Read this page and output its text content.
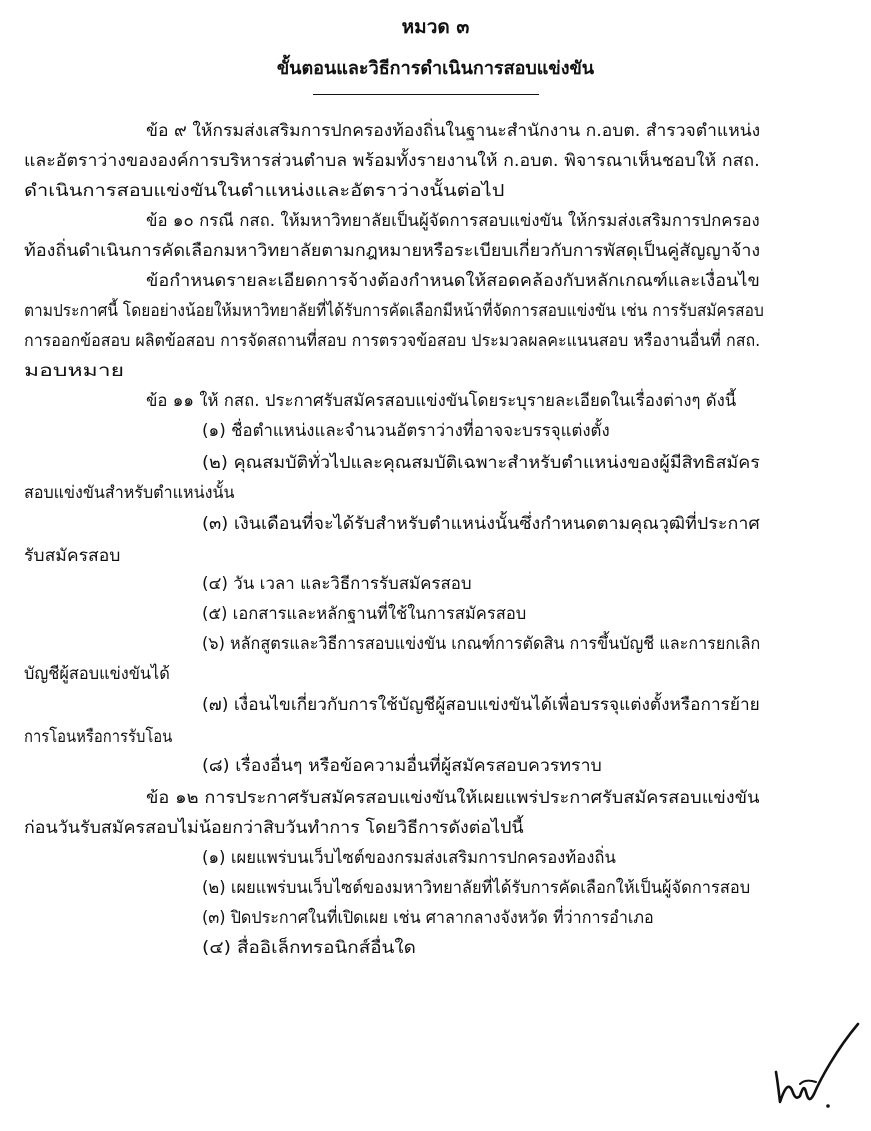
หมวด ๓
ขั้นตอนและวิธีการดำเนินการสอบแข่งขัน
ข้อ ๙ ให้กรมส่งเสริมการปกครองท้องถิ่นในฐานะสำนักงาน ก.อบต. สำรวจตำแหน่ง
และอัตราว่างขององค์การบริหารส่วนตำบล พร้อมทั้งรายงานให้ ก.อบต. พิจารณาเห็นชอบให้ กสถ.
ดำเนินการสอบแข่งขันในตำแหน่งและอัตราว่างนั้นต่อไป
ข้อ ๑๐ กรณี กสถ. ให้มหาวิทยาลัยเป็นผู้จัดการสอบแข่งขัน ให้กรมส่งเสริมการปกครอง
ท้องถิ่นดำเนินการคัดเลือกมหาวิทยาลัยตามกฎหมายหรือระเบียบเกี่ยวกับการพัสดุเป็นคู่สัญญาจ้าง
ข้อกำหนดรายละเอียดการจ้างต้องกำหนดให้สอดคล้องกับหลักเกณฑ์และเงื่อนไข
ตามประกาศนี้ โดยอย่างน้อยให้มหาวิทยาลัยที่ได้รับการคัดเลือกมีหน้าที่จัดการสอบแข่งขัน เช่น การรับสมัครสอบ
การออกข้อสอบ ผลิตข้อสอบ การจัดสถานที่สอบ การตรวจข้อสอบ ประมวลผลคะแนนสอบ หรืองานอื่นที่ กสถ.
มอบหมาย
ข้อ ๑๑ ให้ กสถ. ประกาศรับสมัครสอบแข่งขันโดยระบุรายละเอียดในเรื่องต่างๆ ดังนี้
(๑) ชื่อตำแหน่งและจำนวนอัตราว่างที่อาจจะบรรจุแต่งตั้ง
(๒) คุณสมบัติทั่วไปและคุณสมบัติเฉพาะสำหรับตำแหน่งของผู้มีสิทธิสมัคร
สอบแข่งขันสำหรับตำแหน่งนั้น
(๓) เงินเดือนที่จะได้รับสำหรับตำแหน่งนั้นซึ่งกำหนดตามคุณวุฒิที่ประกาศ
รับสมัครสอบ
(๔) วัน เวลา และวิธีการรับสมัครสอบ
(๕) เอกสารและหลักฐานที่ใช้ในการสมัครสอบ
(๖) หลักสูตรและวิธีการสอบแข่งขัน เกณฑ์การตัดสิน การขึ้นบัญชี และการยกเลิก
บัญชีผู้สอบแข่งขันได้
(๗) เงื่อนไขเกี่ยวกับการใช้บัญชีผู้สอบแข่งขันได้เพื่อบรรจุแต่งตั้งหรือการย้าย
การโอนหรือการรับโอน
(๘) เรื่องอื่นๆ หรือข้อความอื่นที่ผู้สมัครสอบควรทราบ
ข้อ ๑๒ การประกาศรับสมัครสอบแข่งขันให้เผยแพร่ประกาศรับสมัครสอบแข่งขัน
ก่อนวันรับสมัครสอบไม่น้อยกว่าสิบวันทำการ โดยวิธีการดังต่อไปนี้
(๑) เผยแพร่บนเว็บไซต์ของกรมส่งเสริมการปกครองท้องถิ่น
(๒) เผยแพร่บนเว็บไซต์ของมหาวิทยาลัยที่ได้รับการคัดเลือกให้เป็นผู้จัดการสอบ
(๓) ปิดประกาศในที่เปิดเผย เช่น ศาลากลางจังหวัด ที่ว่าการอำเภอ
(๔) สื่ออิเล็กทรอนิกส์อื่นใด
